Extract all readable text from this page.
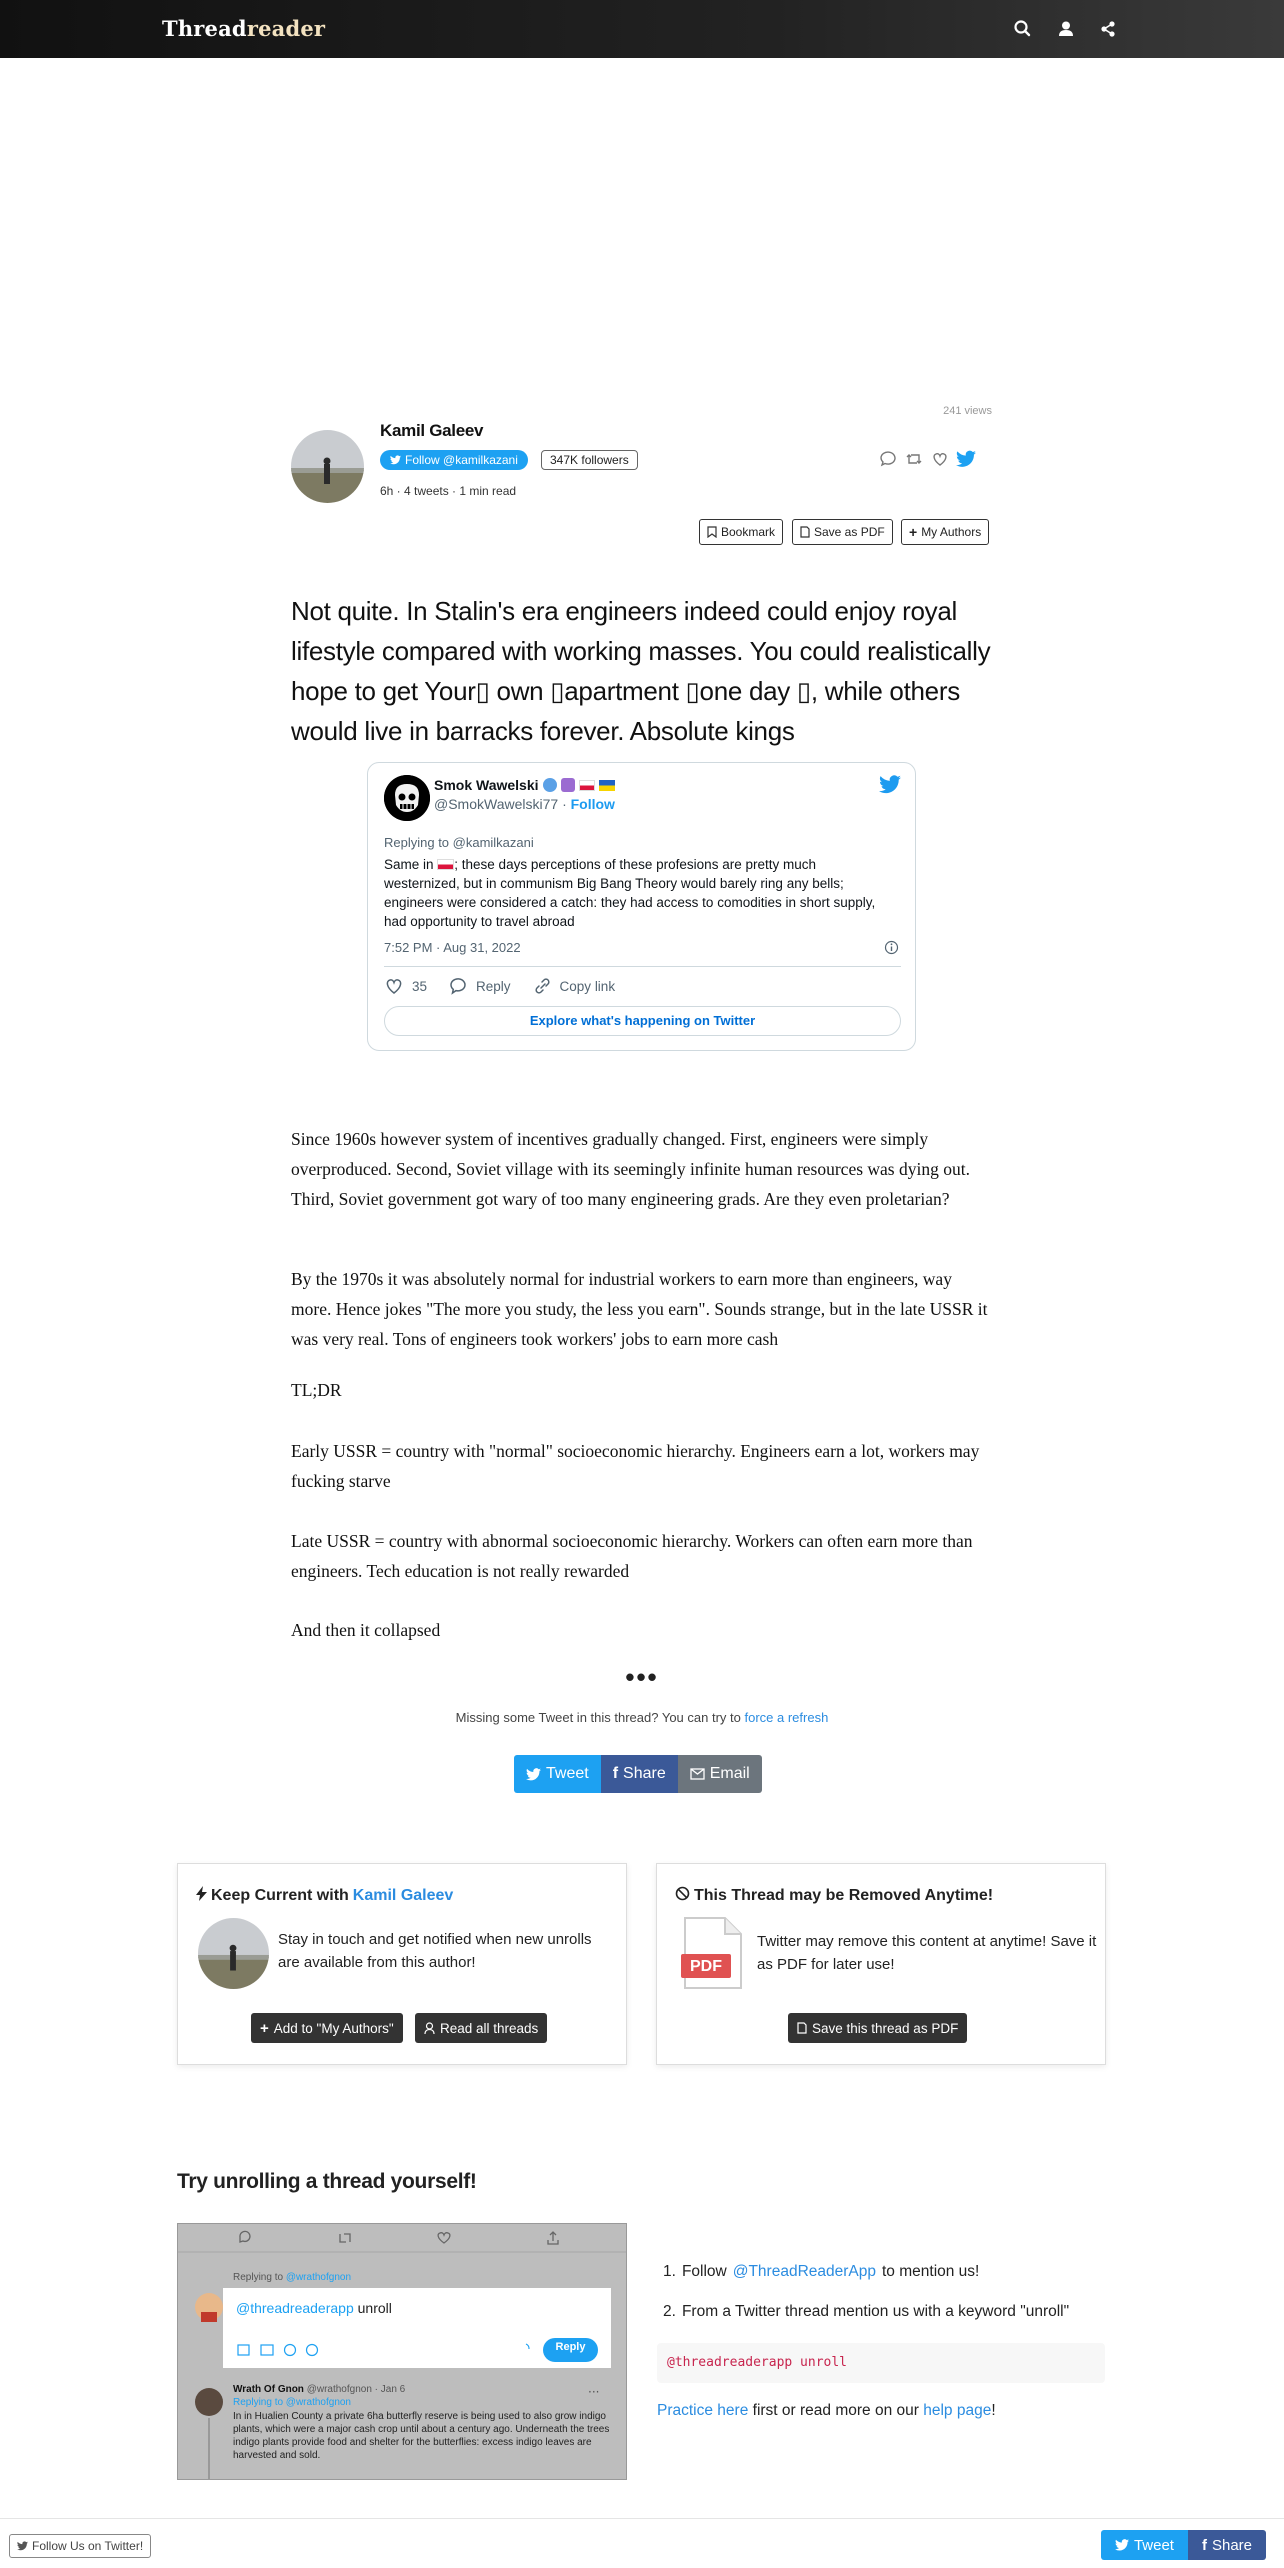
Threadreader
241 views
Kamil Galeev
Follow @kamilkazani	347K followers
6h · 4 tweets · 1 min read
Bookmark	Save as PDF + My Authors
Not quite. In Stalin's era engineers indeed could enjoy royal lifestyle compared with working masses. You could realistically hope to get Your▯ own ▯apartment ▯one day ▯, while others would live in barracks forever. Absolute kings
Smok Wawelski
@SmokWawelski77 · Follow
Replying to @kamilkazani
Same in ; these days perceptions of these profesions are pretty much westernized, but in communism Big Bang Theory would barely ring any bells; engineers were considered a catch: they had access to comodities in short supply, had opportunity to travel abroad
7:52 PM · Aug 31, 2022
35	Reply	Copy link
Explore what's happening on Twitter
Since 1960s however system of incentives gradually changed. First, engineers were simply overproduced. Second, Soviet village with its seemingly infinite human resources was dying out. Third, Soviet government got wary of too many engineering grads. Are they even proletarian?
By the 1970s it was absolutely normal for industrial workers to earn more than engineers, way more. Hence jokes "The more you study, the less you earn". Sounds strange, but in the late USSR it was very real. Tons of engineers took workers' jobs to earn more cash
TL;DR
Early USSR = country with "normal" socioeconomic hierarchy. Engineers earn a lot, workers may fucking starve
Late USSR = country with abnormal socioeconomic hierarchy. Workers can often earn more than engineers. Tech education is not really rewarded
And then it collapsed
•••
Missing some Tweet in this thread? You can try to force a refresh
Tweet f Share	Email
Keep Current with Kamil Galeev
Stay in touch and get notified when new unrolls are available from this author!
+ Add to "My Authors"	Read all threads
This Thread may be Removed Anytime!
PDF
Twitter may remove this content at anytime! Save it as PDF for later use!
Save this thread as PDF
Try unrolling a thread yourself!
···
Replying to @wrathofgnon
@threadreaderapp unroll
Reply
Wrath Of Gnon @wrathofgnon · Jan 6
Replying to @wrathofgnon
In in Hualien County a private 6ha butterfly reserve is being used to also grow indigo plants, which were a major cash crop until about a century ago. Underneath the trees indigo plants provide food and shelter for the butterflies: excess indigo leaves are harvested and sold.
1. Follow @ThreadReaderApp to mention us!
2. From a Twitter thread mention us with a keyword "unroll"
@threadreaderapp unroll
Practice here first or read more on our help page!
Follow Us on Twitter!	Tweet f Share
